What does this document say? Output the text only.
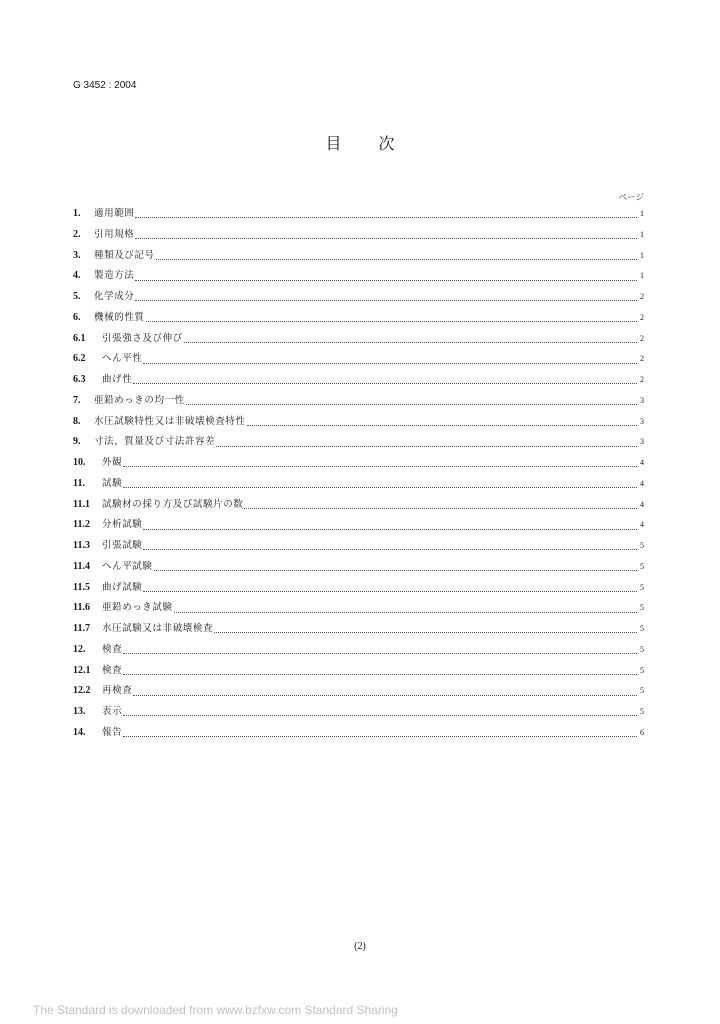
G 3452 : 2004
目 次
ページ
1.	適用範囲	1
2.	引用規格	1
3.	種類及び記号	1
4.	製造方法	1
5.	化学成分	2
6.	機械的性質	2
6.1	引張強さ及び伸び	2
6.2	へん平性	2
6.3	曲げ性	2
7.	亜鉛めっきの均一性	3
8.	水圧試験特性又は非破壊検査特性	3
9.	寸法，質量及び寸法許容差	3
10.	外観	4
11.	試験	4
11.1	試験材の採り方及び試験片の数	4
11.2	分析試験	4
11.3	引張試験	5
11.4	へん平試験	5
11.5	曲げ試験	5
11.6	亜鉛めっき試験	5
11.7	水圧試験又は非破壊検査	5
12.	検査	5
12.1	検査	5
12.2	再検査	5
13.	表示	5
14.	報告	6
(2)
The Standard is downloaded from www.bzfxw.com Standard Sharing
